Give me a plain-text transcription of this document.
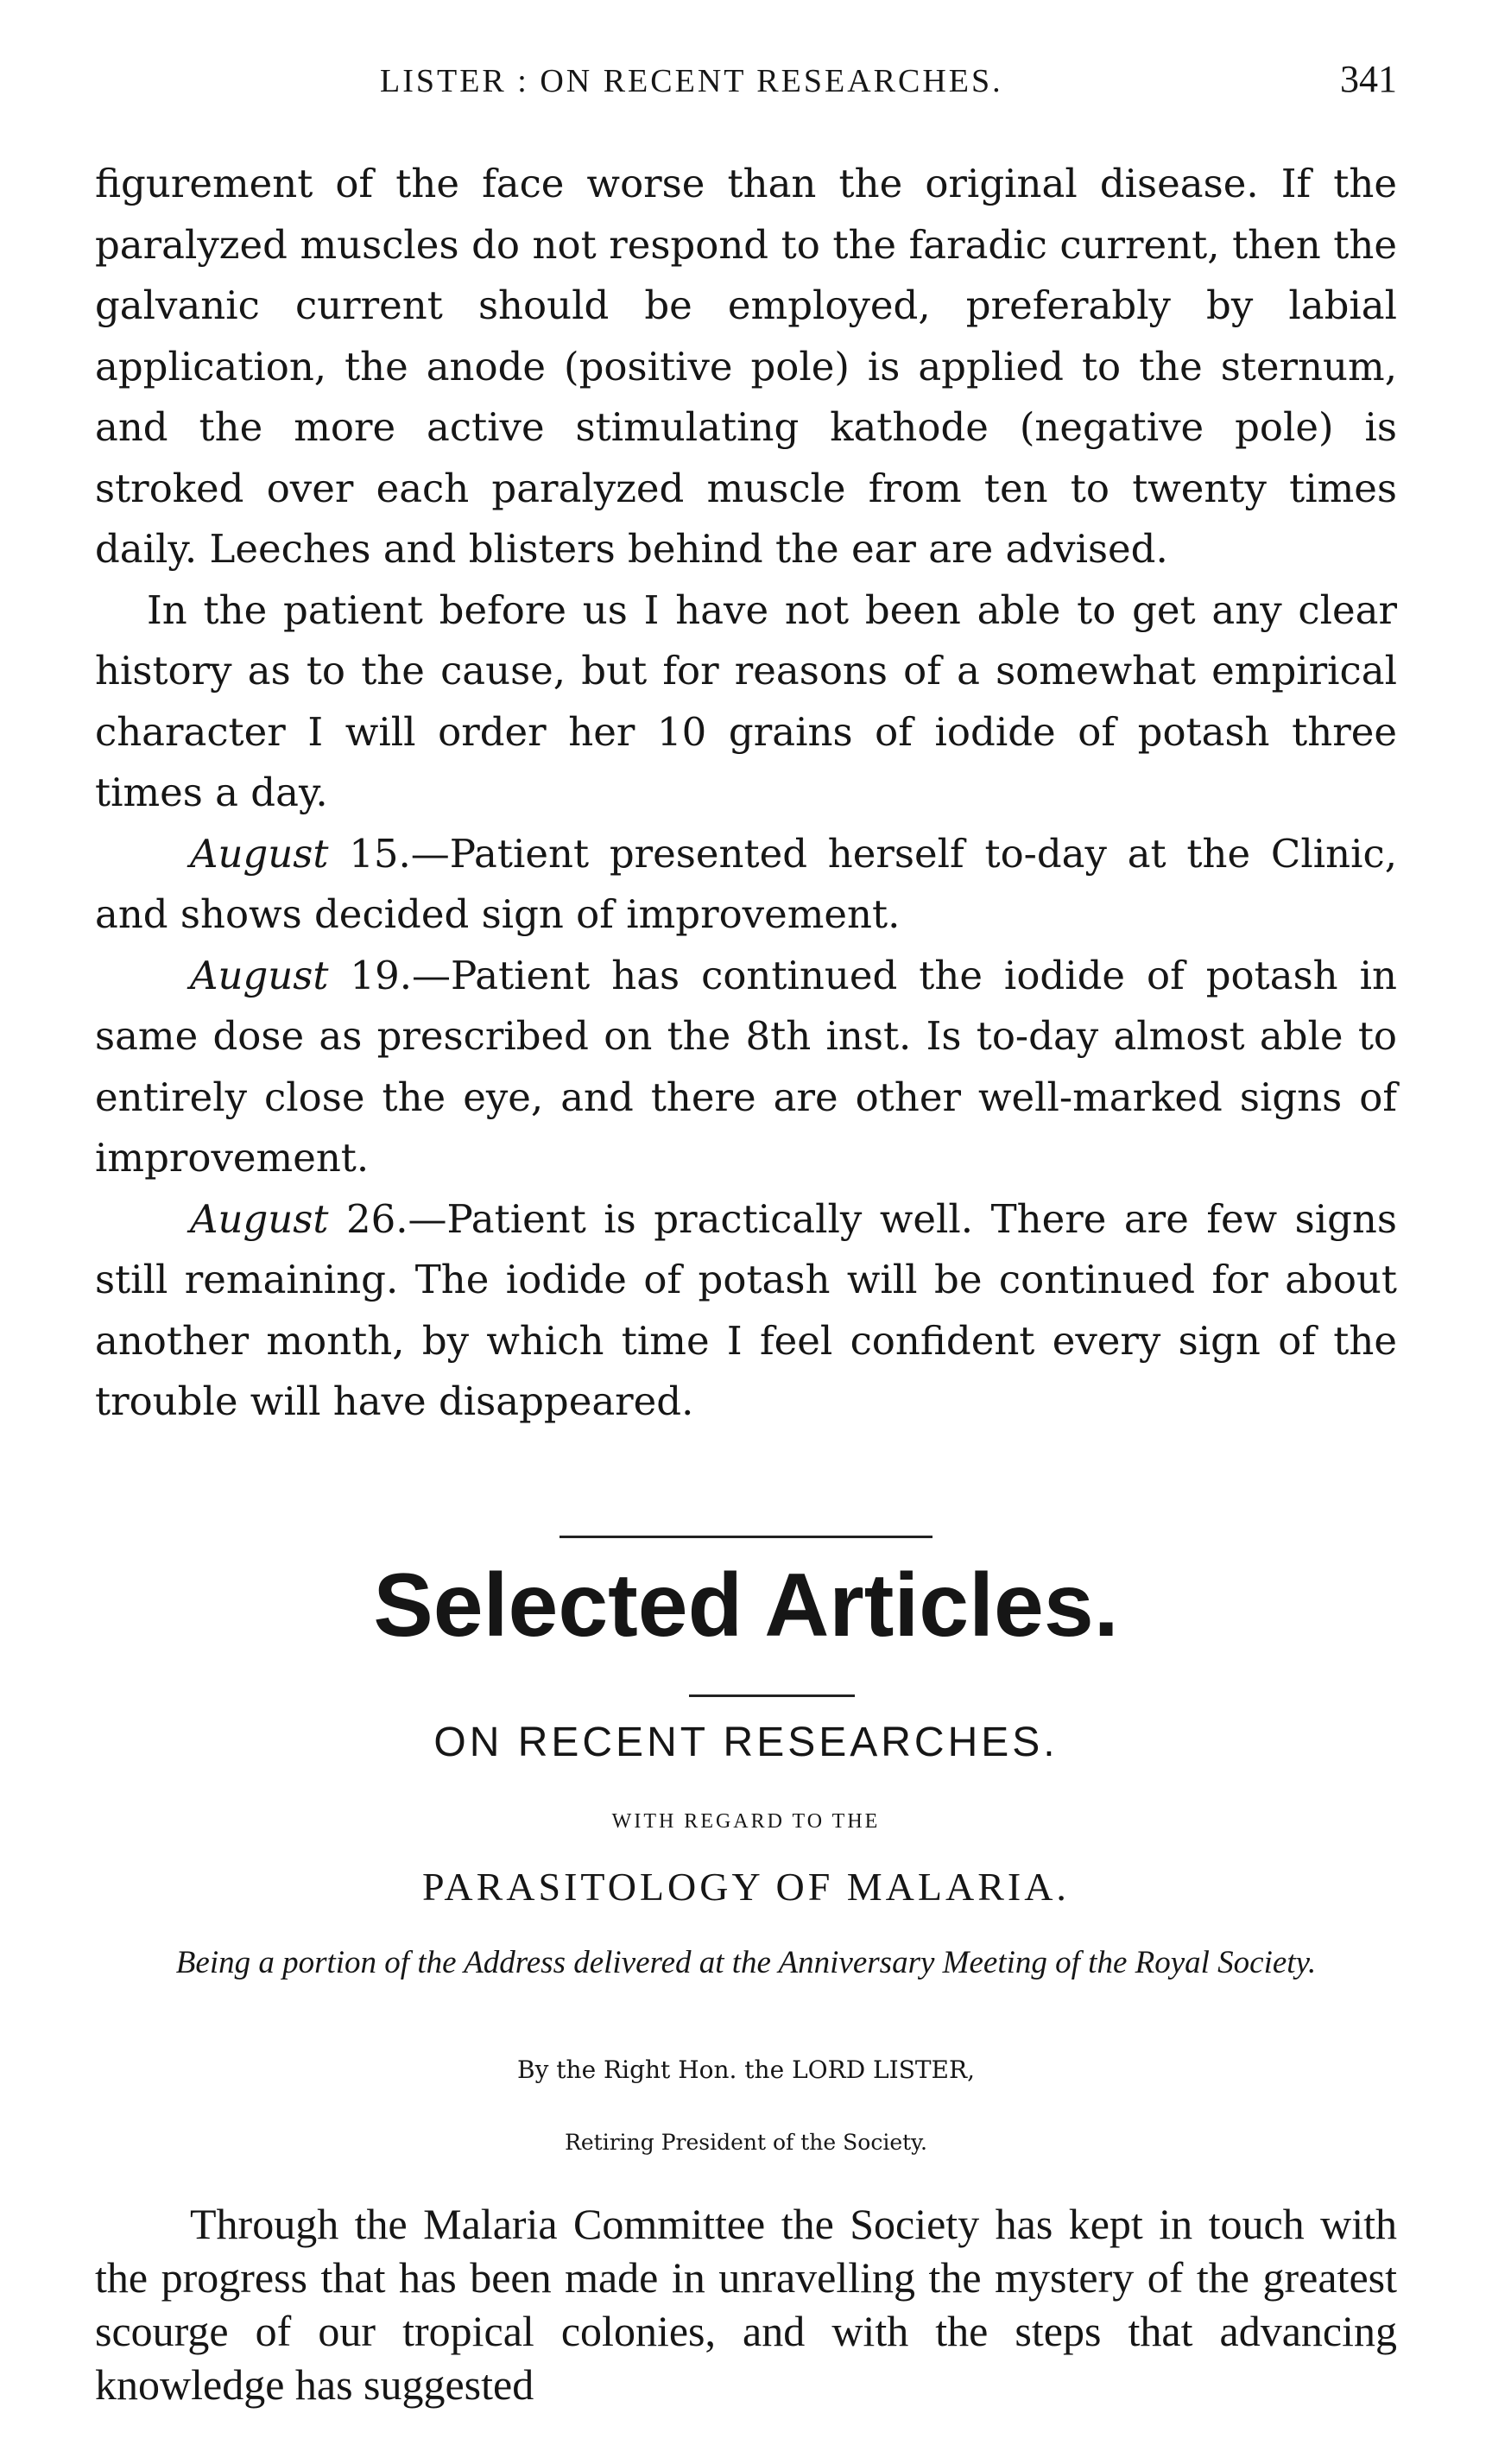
LISTER : ON RECENT RESEARCHES.	341

figurement of the face worse than the original disease. If the paralyzed muscles do not respond to the faradic current, then the galvanic current should be employed, preferably by labial application, the anode (positive pole) is applied to the sternum, and the more active stimulating kathode (negative pole) is stroked over each paralyzed muscle from ten to twenty times daily. Leeches and blisters behind the ear are advised.

In the patient before us I have not been able to get any clear history as to the cause, but for reasons of a somewhat empirical character I will order her 10 grains of iodide of potash three times a day.

August 15.—Patient presented herself to-day at the Clinic, and shows decided sign of improvement.

August 19.—Patient has continued the iodide of potash in same dose as prescribed on the 8th inst. Is to-day almost able to entirely close the eye, and there are other well-marked signs of improvement.

August 26.—Patient is practically well. There are few signs still remaining. The iodide of potash will be continued for about another month, by which time I feel confident every sign of the trouble will have disappeared.

Selected Articles.
ON RECENT RESEARCHES.
WITH REGARD TO THE
PARASITOLOGY OF MALARIA.
Being a portion of the Address delivered at the Anniversary Meeting of the Royal Society.
By the Right Hon. the LORD LISTER,
Retiring President of the Society.
Through the Malaria Committee the Society has kept in touch with the progress that has been made in unravelling the mystery of the greatest scourge of our tropical colonies, and with the steps that advancing knowledge has suggested
